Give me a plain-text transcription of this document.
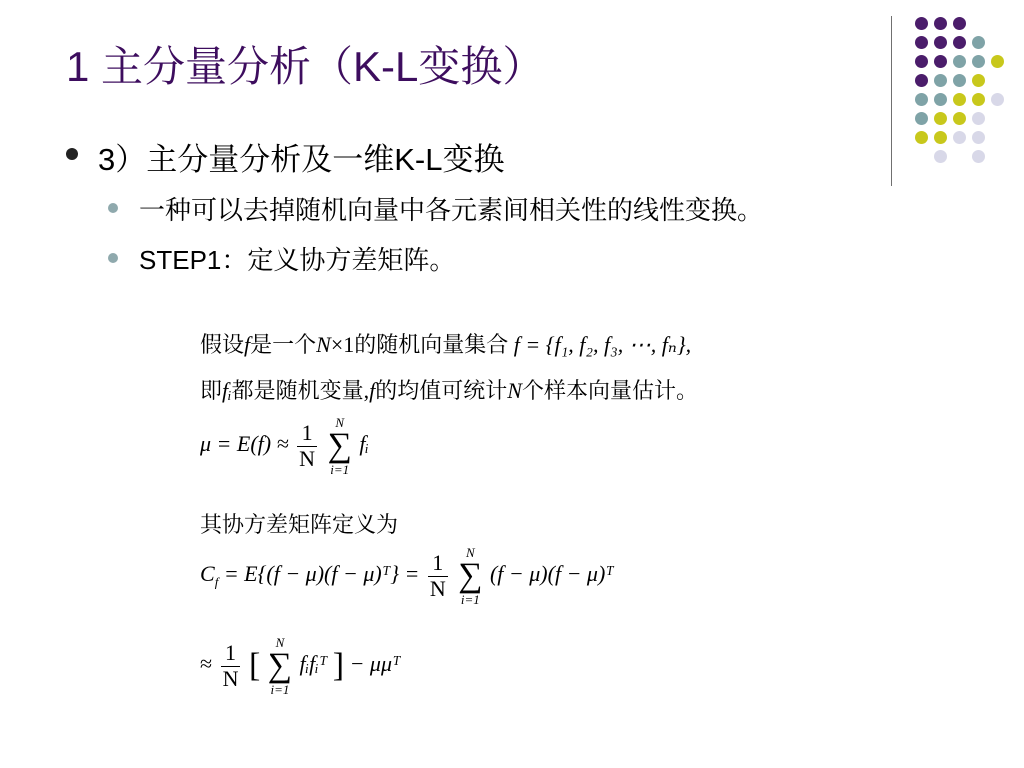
1 主分量分析（K-L变换）
3）主分量分析及一维K-L变换
一种可以去掉随机向量中各元素间相关性的线性变换。
STEP1：定义协方差矩阵。
假设f是一个N×1的随机向量集合 f = {f₁, f₂, f₃, ⋯, fₙ},
即fᵢ都是随机变量,f的均值可统计N个样本向量估计。
$\mu = E(f) \approx \frac{1}{N}$
	N
∑
i=1
fᵢ
其协方差矩阵定义为
$C_f = E\{(f - \mu)(f$ − μ)ᵀ} = $\frac{1}{N}$
	N
∑
i=1
(f − μ)(f − μ)ᵀ
≈ $\frac{1}{N}$ [
N
∑
i=1
fᵢfᵢᵀ ] − μμᵀ
